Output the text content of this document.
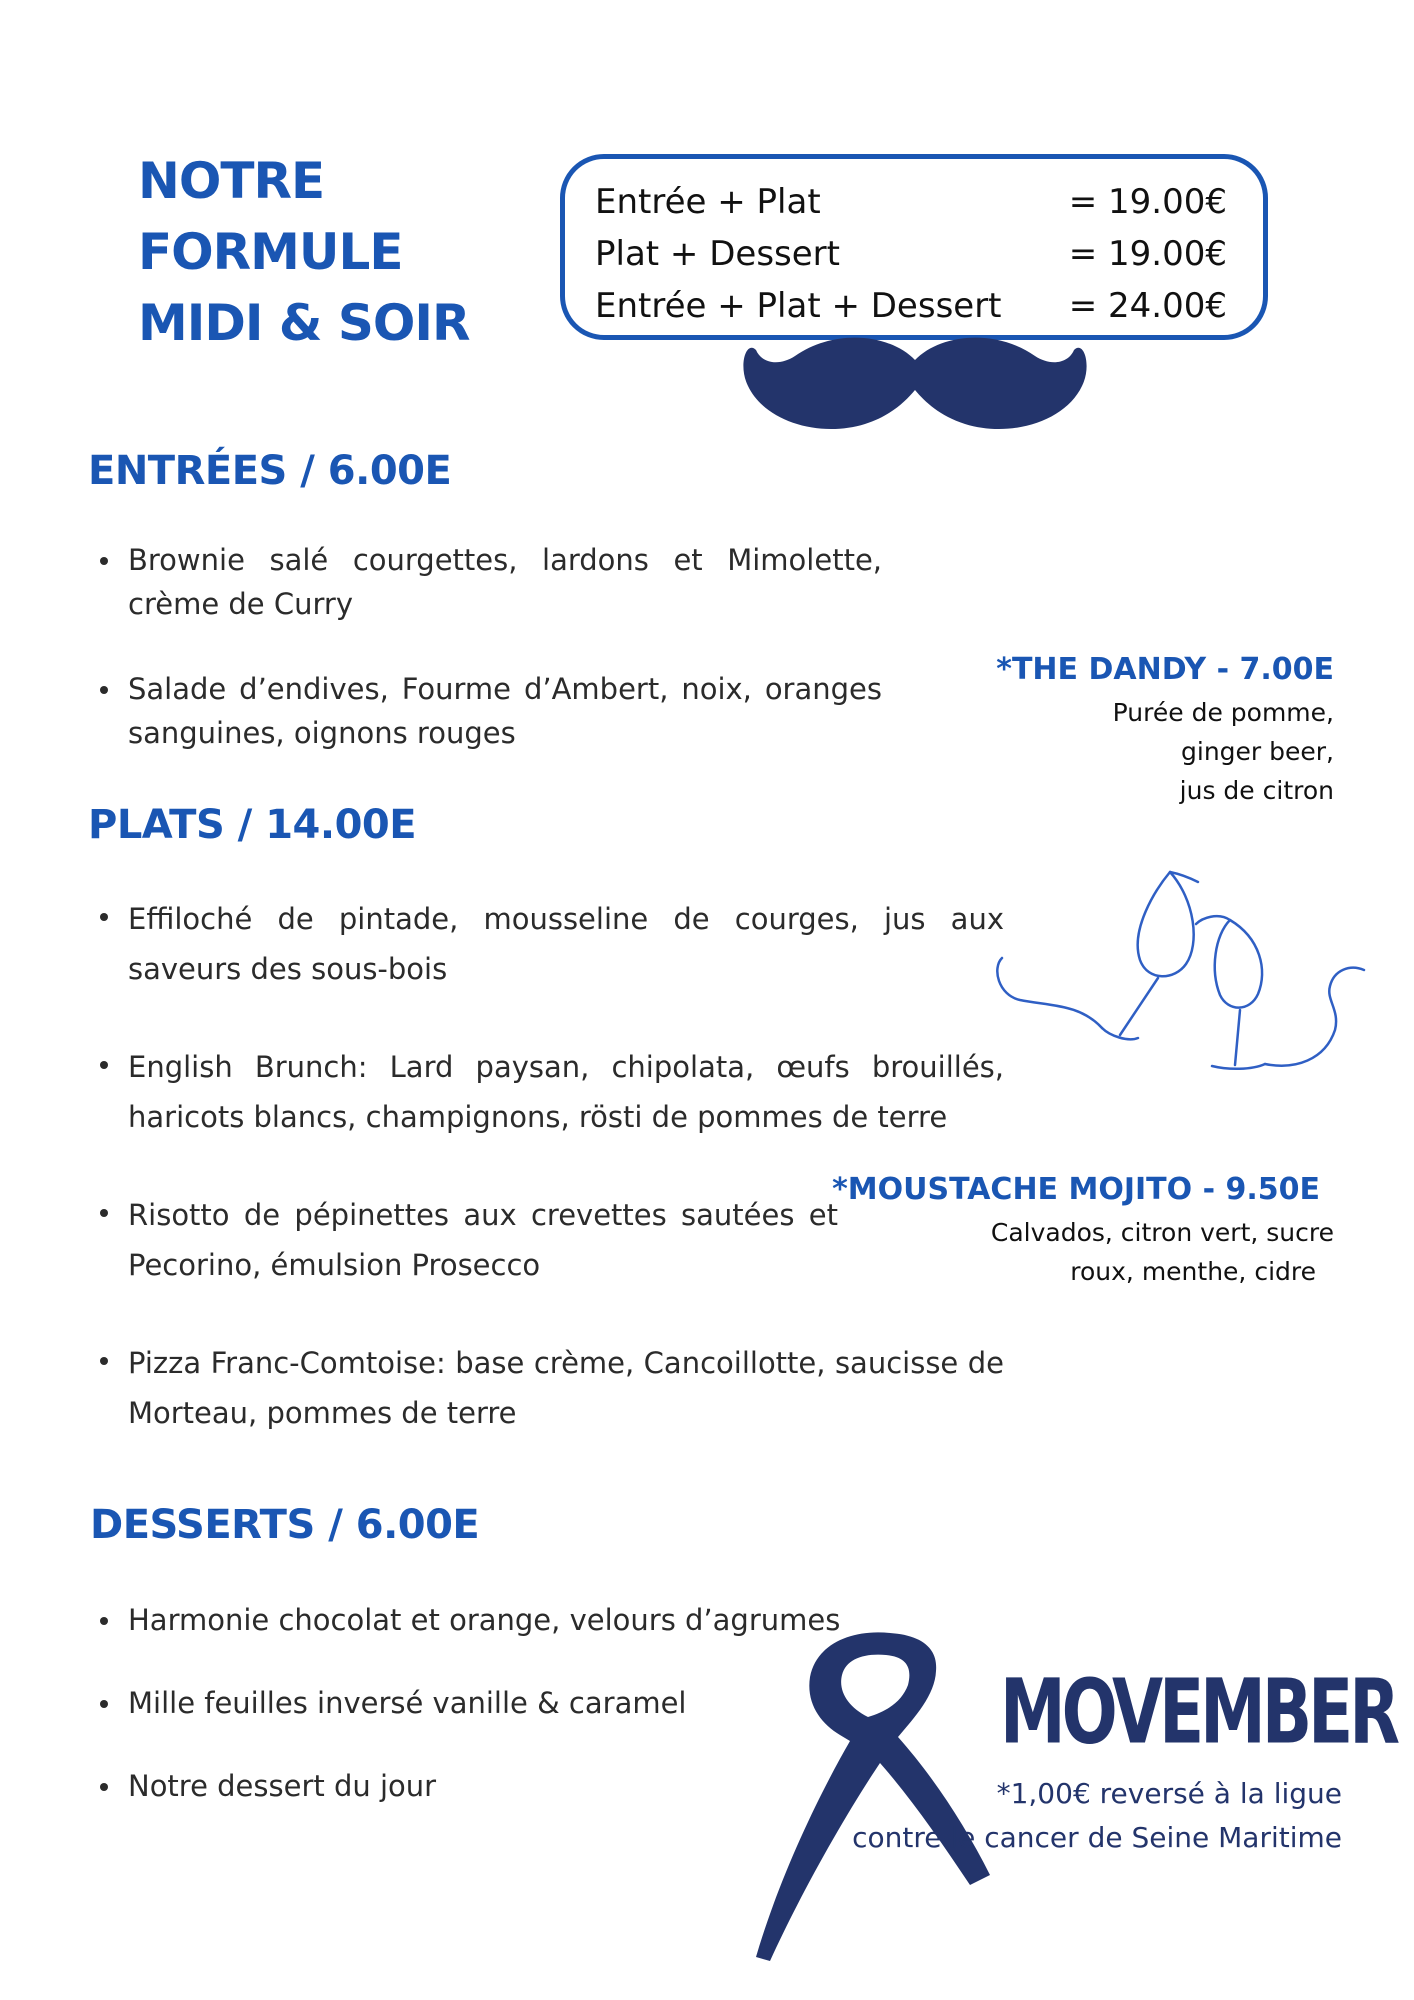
NOTRE
FORMULE
MIDI & SOIR
Entrée + Plat	= 19.00€
Plat + Dessert	= 19.00€
Entrée + Plat + Dessert = 24.00€
ENTRÉES / 6.00E
Brownie salé courgettes, lardons et Mimolette, crème de Curry
Salade d’endives, Fourme d’Ambert, noix, oranges sanguines, oignons rouges
PLATS / 14.00E
Effiloché de pintade, mousseline de courges, jus aux saveurs des sous-bois
English Brunch: Lard paysan, chipolata, œufs brouillés, haricots blancs, champignons, rösti de pommes de terre
Risotto de pépinettes aux crevettes sautées et Pecorino, émulsion Prosecco
Pizza Franc-Comtoise: base crème, Cancoillotte, saucisse de Morteau, pommes de terre
DESSERTS / 6.00E
Harmonie chocolat et orange, velours d’agrumes
Mille feuilles inversé vanille & caramel
Notre dessert du jour
*THE DANDY - 7.00E
Purée de pomme,
ginger beer,
jus de citron
*MOUSTACHE MOJITO - 9.50E
Calvados, citron vert, sucre
roux, menthe, cidre
MOVEMBER
*1,00€ reversé à la ligue
contre le cancer de Seine Maritime
